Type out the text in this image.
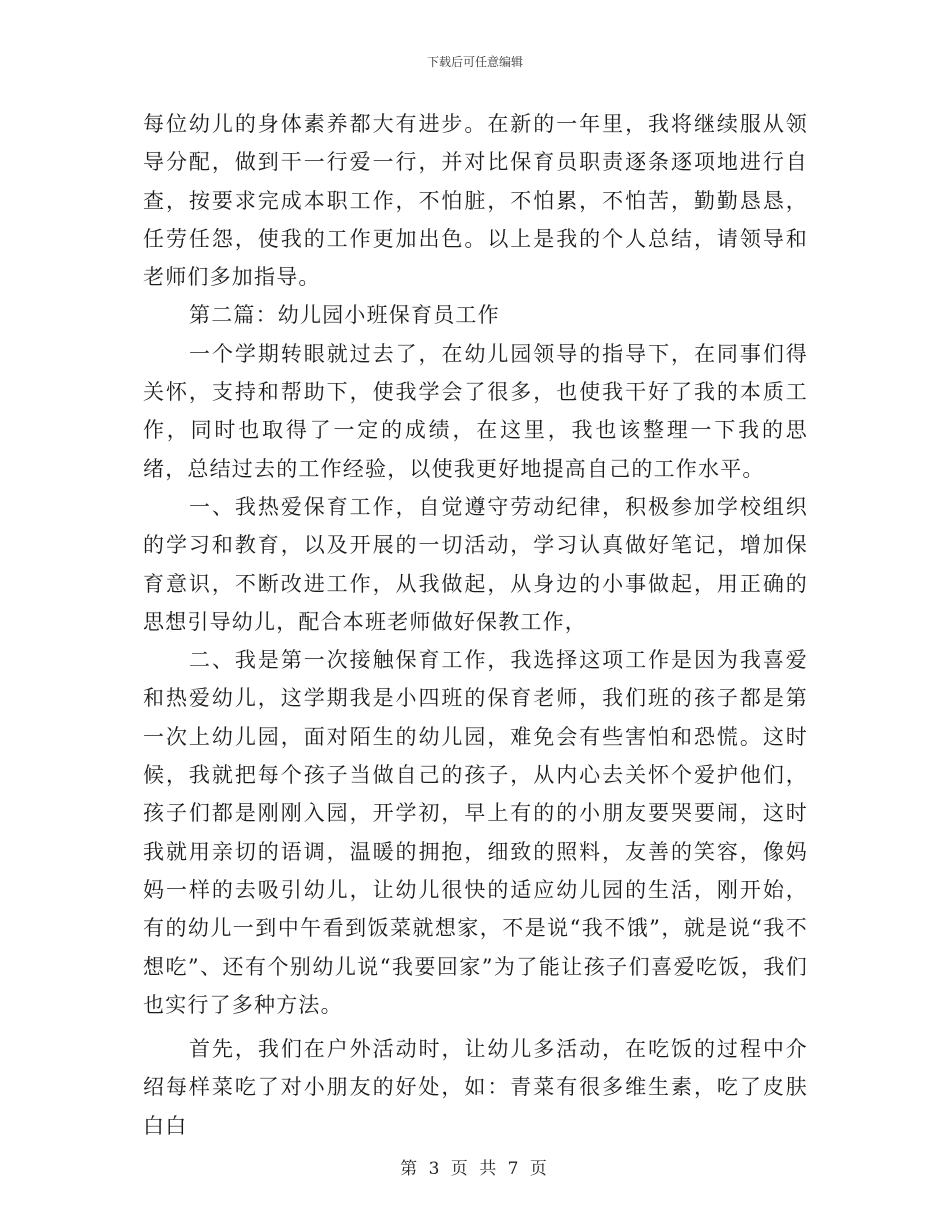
下载后可任意编辑

每位幼儿的身体素养都大有进步。在新的一年里，我将继续服从领导分配，做到干一行爱一行，并对比保育员职责逐条逐项地进行自查，按要求完成本职工作，不怕脏，不怕累，不怕苦，勤勤恳恳，任劳任怨，使我的工作更加出色。以上是我的个人总结，请领导和老师们多加指导。

第二篇：幼儿园小班保育员工作

一个学期转眼就过去了，在幼儿园领导的指导下，在同事们得关怀，支持和帮助下，使我学会了很多，也使我干好了我的本质工作，同时也取得了一定的成绩，在这里，我也该整理一下我的思绪，总结过去的工作经验，以使我更好地提高自己的工作水平。

一、我热爱保育工作，自觉遵守劳动纪律，积极参加学校组织的学习和教育，以及开展的一切活动，学习认真做好笔记，增加保育意识，不断改进工作，从我做起，从身边的小事做起，用正确的思想引导幼儿，配合本班老师做好保教工作，

二、我是第一次接触保育工作，我选择这项工作是因为我喜爱和热爱幼儿，这学期我是小四班的保育老师，我们班的孩子都是第一次上幼儿园，面对陌生的幼儿园，难免会有些害怕和恐慌。这时候，我就把每个孩子当做自己的孩子，从内心去关怀个爱护他们，孩子们都是刚刚入园，开学初，早上有的的小朋友要哭要闹，这时我就用亲切的语调，温暖的拥抱，细致的照料，友善的笑容，像妈妈一样的去吸引幼儿，让幼儿很快的适应幼儿园的生活，刚开始，有的幼儿一到中午看到饭菜就想家，不是说“我不饿”，就是说“我不想吃”、还有个别幼儿说“我要回家”为了能让孩子们喜爱吃饭，我们也实行了多种方法。

首先，我们在户外活动时，让幼儿多活动，在吃饭的过程中介绍每样菜吃了对小朋友的好处，如：青菜有很多维生素，吃了皮肤白白

第 3 页 共 7 页
